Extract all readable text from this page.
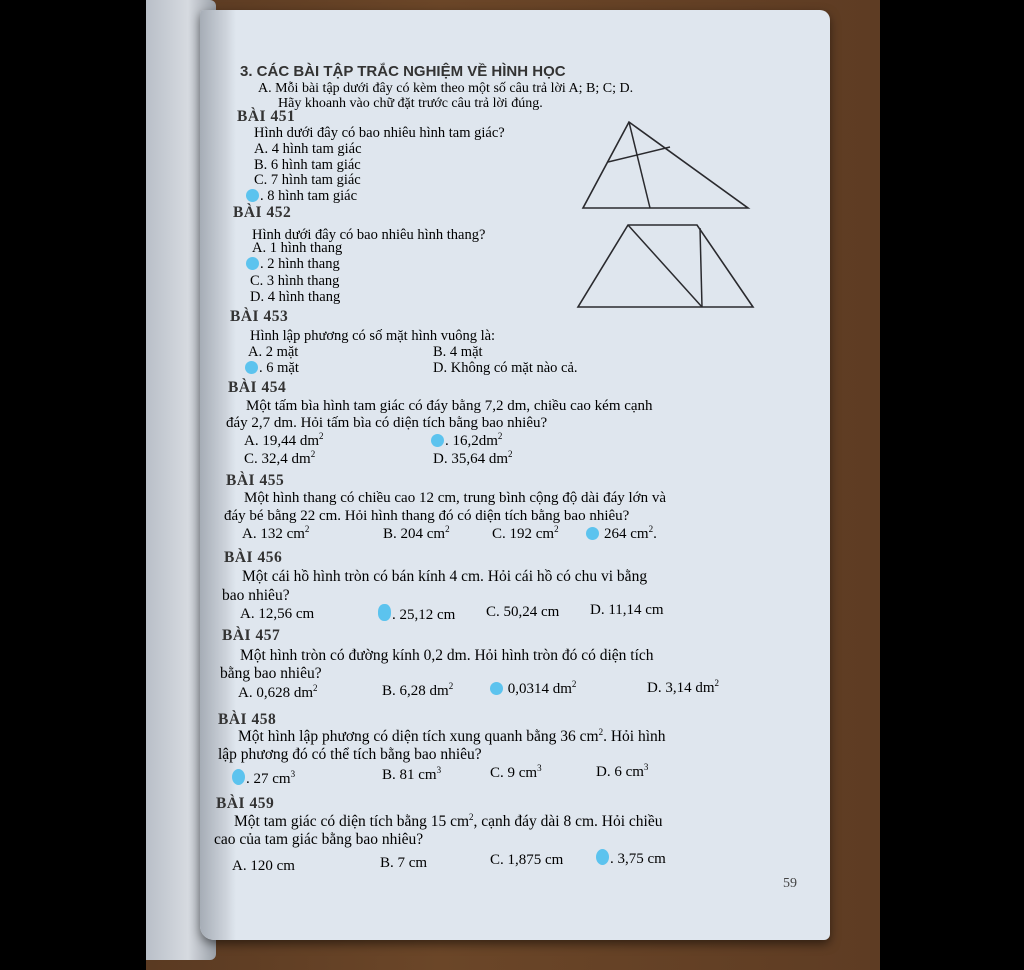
3. CÁC BÀI TẬP TRẮC NGHIỆM VỀ HÌNH HỌC
A. Mỗi bài tập dưới đây có kèm theo một số câu trả lời A; B; C; D.
Hãy khoanh vào chữ đặt trước câu trả lời đúng.
BÀI 451
Hình dưới đây có bao nhiêu hình tam giác?
A. 4 hình tam giác
B. 6 hình tam giác
C. 7 hình tam giác
. 8 hình tam giác
BÀI 452
Hình dưới đây có bao nhiêu hình thang?
A. 1 hình thang
. 2 hình thang
C. 3 hình thang
D. 4 hình thang
BÀI 453
Hình lập phương có số mặt hình vuông là:
A. 2 mặt	B. 4 mặt
. 6 mặt	D. Không có mặt nào cả.
BÀI 454
Một tấm bìa hình tam giác có đáy bằng 7,2 dm, chiều cao kém cạnh
đáy 2,7 dm. Hỏi tấm bìa có diện tích bằng bao nhiêu?
A. 19,44 $dm^2$	. $16,2dm^2$
C. 32,4 $dm^2$	D. 35,64 $dm^2$
BÀI 455
Một hình thang có chiều cao 12 cm, trung bình cộng độ dài đáy lớn và
đáy bé bằng 22 cm. Hỏi hình thang đó có diện tích bằng bao nhiêu?
A. 132 $cm^2$	B. 204 $cm^2$	C. 192 $cm^2$	264 $cm^2$.
BÀI 456
Một cái hồ hình tròn có bán kính 4 cm. Hỏi cái hồ có chu vi bằng
bao nhiêu?
A. 12,56 cm	. 25,12 cm C. 50,24 cm D. 11,14 cm
BÀI 457
Một hình tròn có đường kính 0,2 dm. Hỏi hình tròn đó có diện tích
bằng bao nhiêu?
A. 0,628 $dm^2$	B. 6,28 $dm^2$	0,0314 $dm^2$	D. 3,14 $dm^2$
BÀI 458
Một hình lập phương có diện tích xung quanh bằng 36 $cm^2$. Hỏi hình
lập phương đó có thể tích bằng bao nhiêu?
. 27 $cm^3$	B. 81 $cm^3$	C. 9 $cm^3$	D. 6 $cm^3$
BÀI 459
Một tam giác có diện tích bằng 15 $cm^2$, cạnh đáy dài 8 cm. Hỏi chiều
cao của tam giác bằng bao nhiêu?
A. 120 cm	B. 7 cm	C. 1,875 cm	. 3,75 cm
59
